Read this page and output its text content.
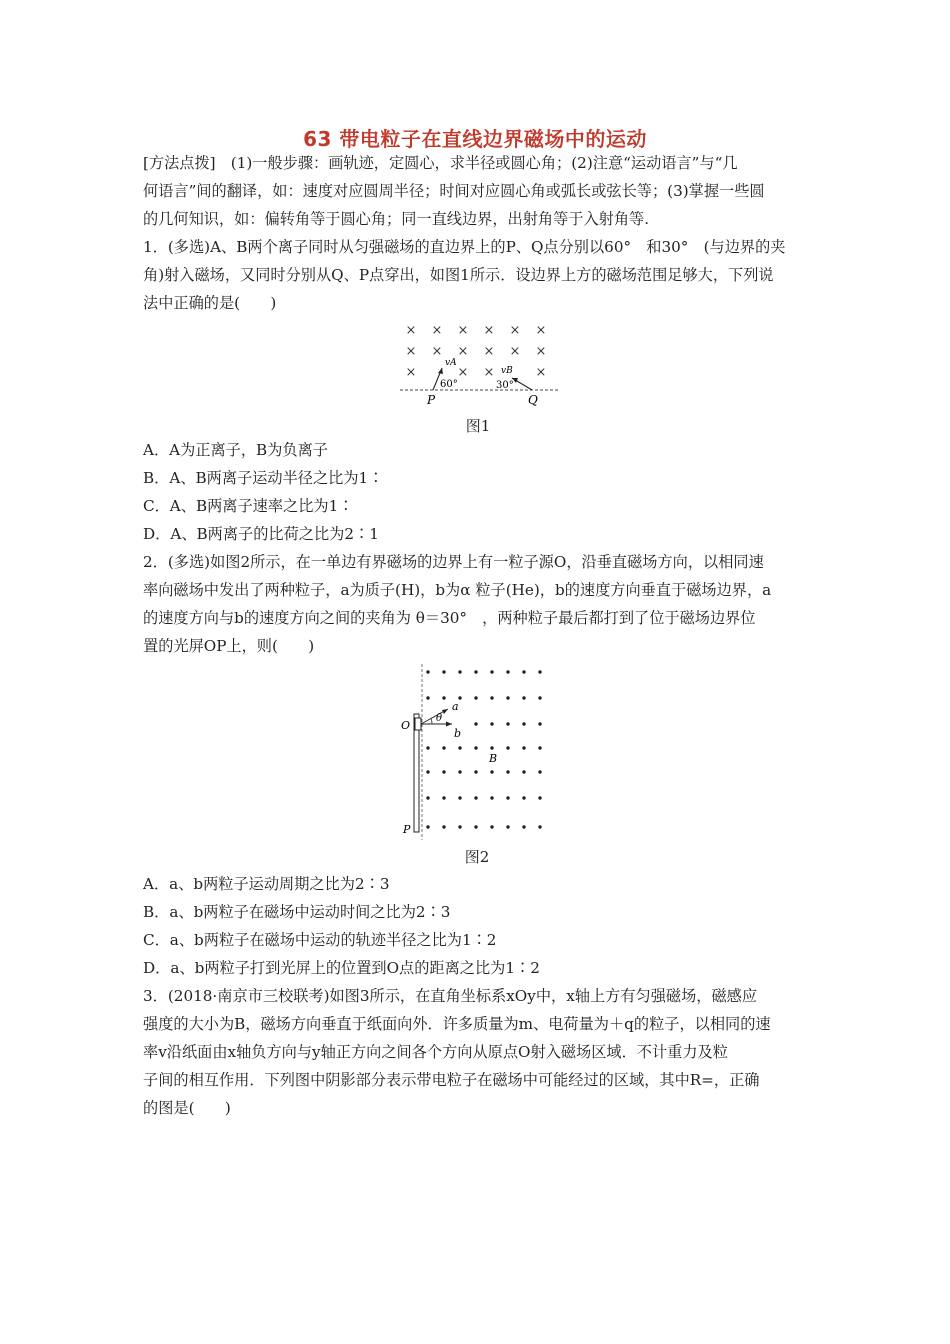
63 带电粒子在直线边界磁场中的运动
[方法点拨]　(1)一般步骤：画轨迹，定圆心，求半径或圆心角；(2)注意“运动语言”与“几
何语言”间的翻译，如：速度对应圆周半径；时间对应圆心角或弧长或弦长等；(3)掌握一些圆
的几何知识，如：偏转角等于圆心角；同一直线边界，出射角等于入射角等.
1．(多选)A、B两个离子同时从匀强磁场的直边界上的P、Q点分别以60°　和30°　(与边界的夹
角)射入磁场，又同时分别从Q、P点穿出，如图1所示．设边界上方的磁场范围足够大，下列说
法中正确的是(　　)
× × × × × ×
× × × × × ×
×	× ×	×
vA
vB
60°	30°
P	Q
图1
A．A为正离子，B为负离子
B．A、B两离子运动半径之比为1∶
C．A、B两离子速率之比为1∶
D．A、B两离子的比荷之比为2∶1
2．(多选)如图2所示，在一单边有界磁场的边界上有一粒子源O，沿垂直磁场方向，以相同速
率向磁场中发出了两种粒子，a为质子(H)，b为α 粒子(He)，b的速度方向垂直于磁场边界，a
的速度方向与b的速度方向之间的夹角为 θ＝30°　，两种粒子最后都打到了位于磁场边界位
置的光屏OP上，则(　　)
θ
a
b
B
O
P
图2
A．a、b两粒子运动周期之比为2∶3
B．a、b两粒子在磁场中运动时间之比为2∶3
C．a、b两粒子在磁场中运动的轨迹半径之比为1∶2
D．a、b两粒子打到光屏上的位置到O点的距离之比为1∶2
3．(2018·南京市三校联考)如图3所示，在直角坐标系xOy中，x轴上方有匀强磁场，磁感应
强度的大小为B，磁场方向垂直于纸面向外．许多质量为m、电荷量为＋q的粒子，以相同的速
率v沿纸面由x轴负方向与y轴正方向之间各个方向从原点O射入磁场区域．不计重力及粒
子间的相互作用．下列图中阴影部分表示带电粒子在磁场中可能经过的区域，其中R=，正确
的图是(　　)
